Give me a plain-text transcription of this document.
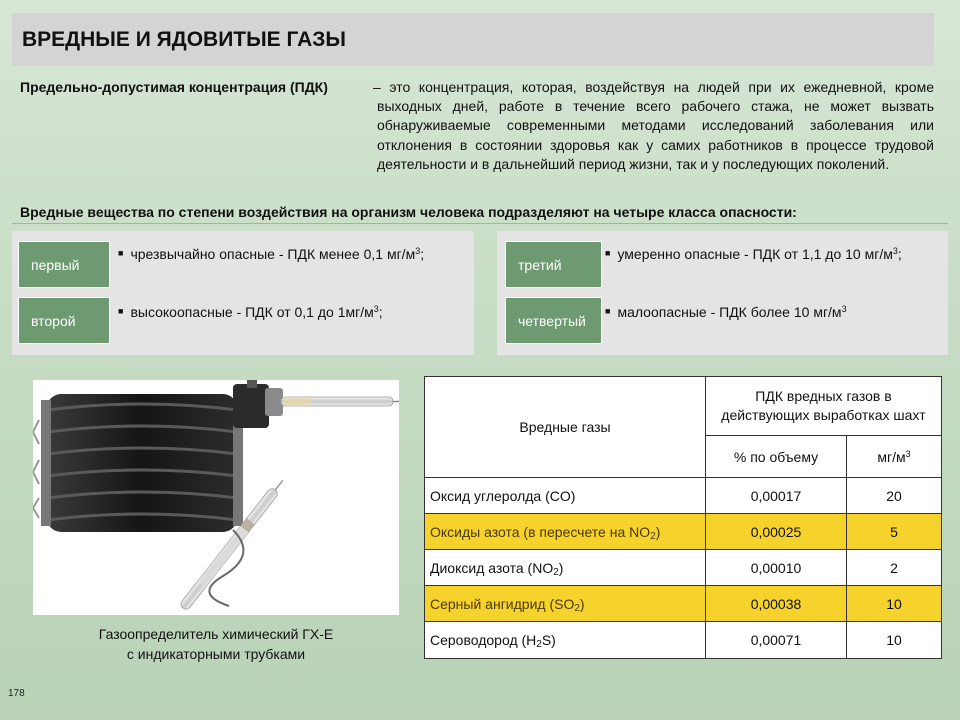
ВРЕДНЫЕ И ЯДОВИТЫЕ ГАЗЫ
Предельно-допустимая концентрация (ПДК)	– это концентрация, которая, воздействуя на людей при их ежедневной, кроме выходных дней, работе в течение всего рабочего стажа, не может вызвать обнаруживаемые современными методами исследований заболевания или отклонения в состоянии здоровья как у самих работников в процессе трудовой деятельности и в дальнейший период жизни, так и у последующих поколений.
Вредные вещества по степени воздействия на организм человека подразделяют на четыре класса опасности:
первый
■ чрезвычайно опасные - ПДК менее 0,1 $мг/м^3$;
второй
■ высокоопасные - ПДК от 0,1 до $1мг/м^3$;
третий
■ умеренно опасные - ПДК от 1,1 до 10 $мг/м^3$;
четвертый
■ малоопасные - ПДК более 10 $мг/м^3$
Газоопределитель химический ГХ-Е
с индикаторными трубками
Вредные газы	ПДК вредных газов в действующих выработках шахт	
	% по объему	$мг/м^3$
Оксид углеролда (CO)	0,00017	20
Оксиды азота (в пересчете на $NO_2$)	0,00025	5
Диоксид азота $(NO_2)$	0,00010	2
Серный ангидрид $(SO_2)$	0,00038	10
Сероводород $(H_2S)$	0,00071	10
178
